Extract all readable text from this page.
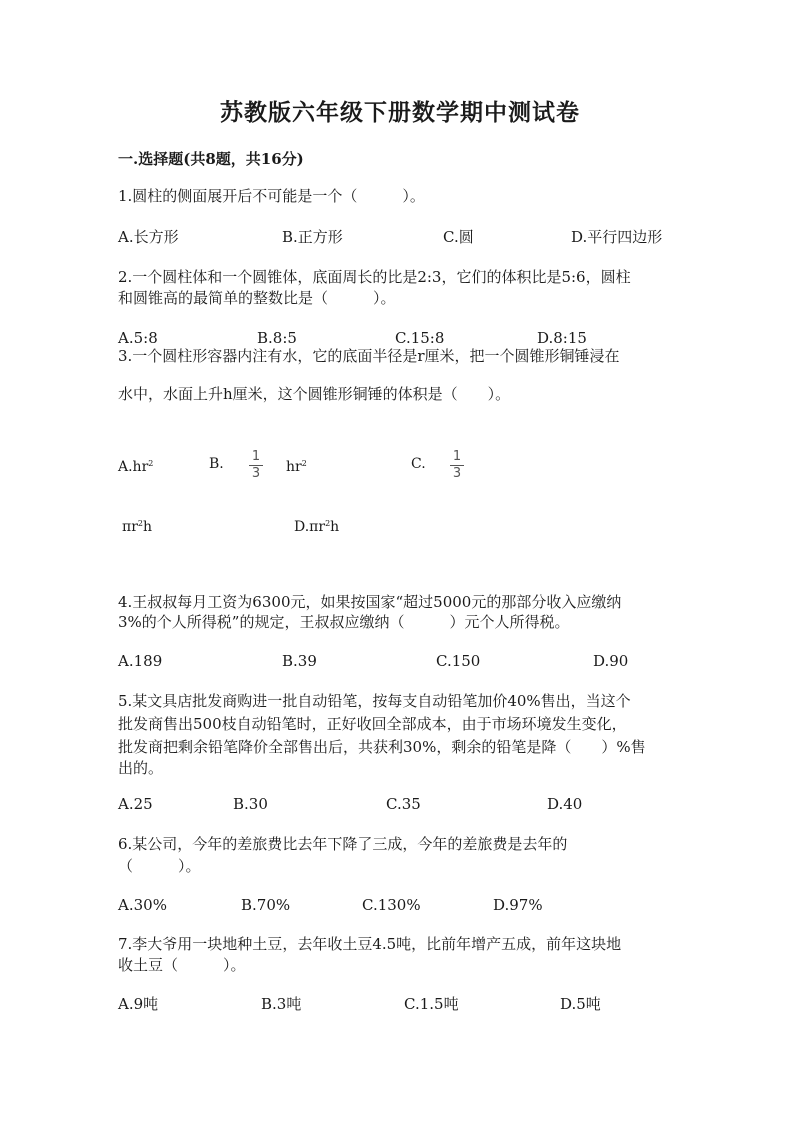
苏教版六年级下册数学期中测试卷
一.选择题(共8题，共16分)
1.圆柱的侧面展开后不可能是一个（　　　）。
A.长方形	B.正方形	C.圆	D.平行四边形
2.一个圆柱体和一个圆锥体，底面周长的比是2:3，它们的体积比是5:6，圆柱
和圆锥高的最简单的整数比是（　　　）。
A.5:8	B.8:5	C.15:8	D.8:15
3.一个圆柱形容器内注有水，它的底面半径是r厘米，把一个圆锥形铜锤浸在
水中，水面上升h厘米，这个圆锥形铜锤的体积是（　　）。
$A.hr^2$	B. 1
3 $hr^2$	C. 1
3
$\pi r^2h$	$D.\pi r^2h$
4.王叔叔每月工资为6300元，如果按国家“超过5000元的那部分收入应缴纳
3%的个人所得税”的规定，王叔叔应缴纳（　　　）元个人所得税。
A.189	B.39	C.150	D.90
5.某文具店批发商购进一批自动铅笔，按每支自动铅笔加价40%售出，当这个
批发商售出500枝自动铅笔时，正好收回全部成本，由于市场环境发生变化，
批发商把剩余铅笔降价全部售出后，共获利30%，剩余的铅笔是降（　　）%售
出的。
A.25	B.30	C.35	D.40
6.某公司，今年的差旅费比去年下降了三成，今年的差旅费是去年的
（　　　）。
A.30%	B.70%	C.130%	D.97%
7.李大爷用一块地种土豆，去年收土豆4.5吨，比前年增产五成，前年这块地
收土豆（　　　）。
A.9吨	B.3吨	C.1.5吨	D.5吨
